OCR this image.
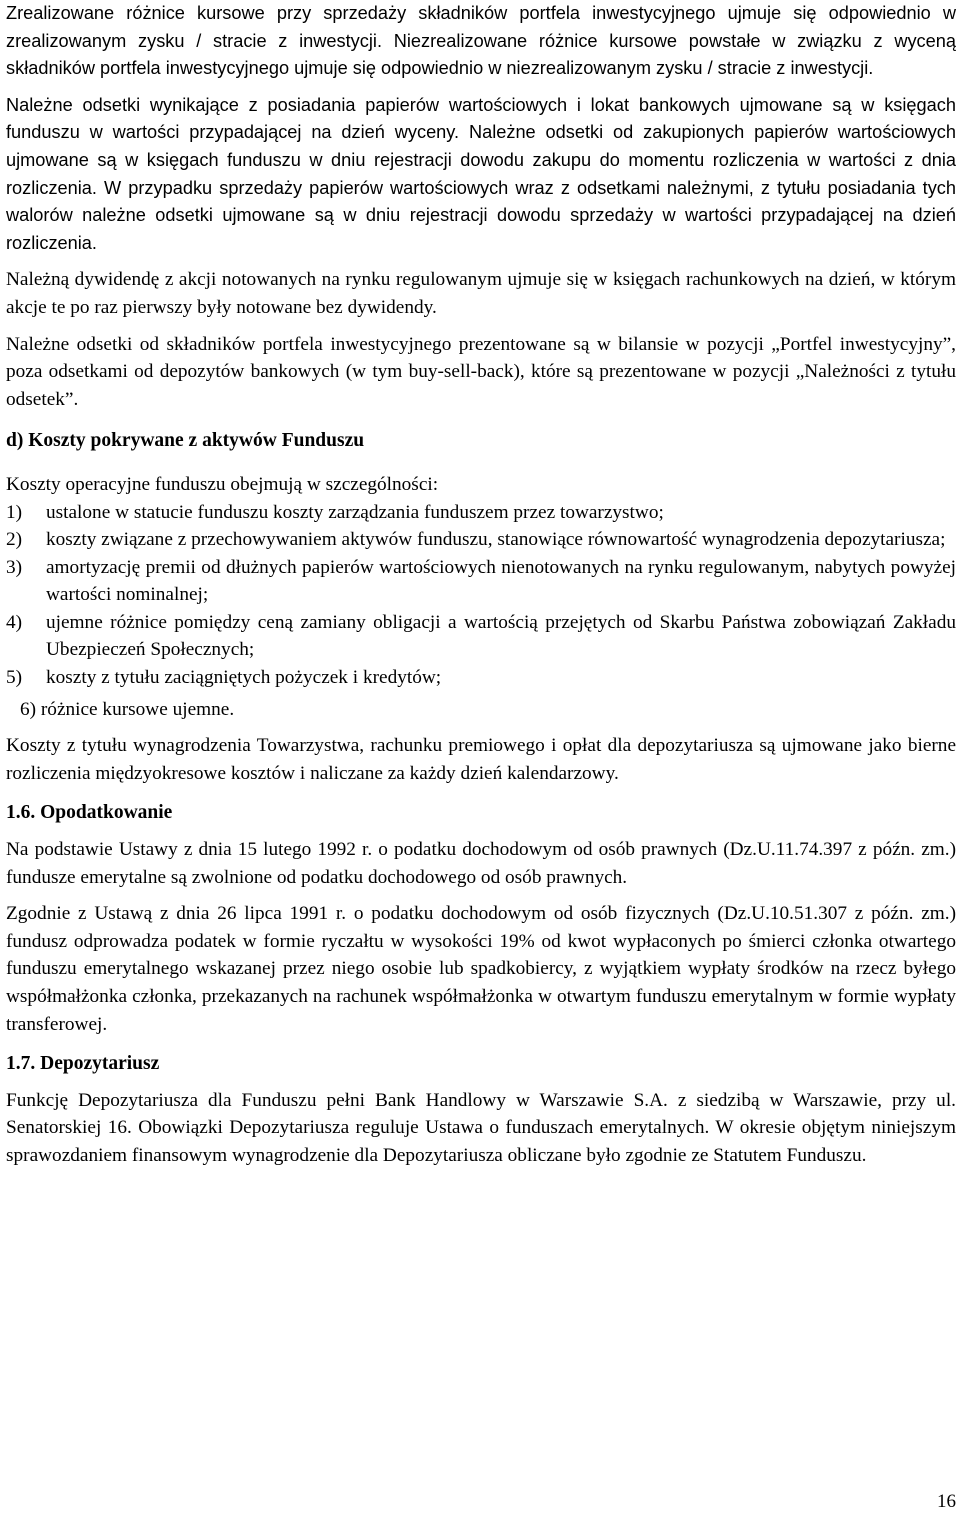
Zrealizowane różnice kursowe przy sprzedaży składników portfela inwestycyjnego ujmuje się odpowiednio w zrealizowanym zysku / stracie z inwestycji. Niezrealizowane różnice kursowe powstałe w związku z wyceną składników portfela inwestycyjnego ujmuje się odpowiednio w niezrealizowanym zysku / stracie z inwestycji.

Należne odsetki wynikające z posiadania papierów wartościowych i lokat bankowych ujmowane są w księgach funduszu w wartości przypadającej na dzień wyceny. Należne odsetki od zakupionych papierów wartościowych ujmowane są w księgach funduszu w dniu rejestracji dowodu zakupu do momentu rozliczenia w wartości z dnia rozliczenia. W przypadku sprzedaży papierów wartościowych wraz z odsetkami należnymi, z tytułu posiadania tych walorów należne odsetki ujmowane są w dniu rejestracji dowodu sprzedaży w wartości przypadającej na dzień rozliczenia.

Należną dywidendę z akcji notowanych na rynku regulowanym ujmuje się w księgach rachunkowych na dzień, w którym akcje te po raz pierwszy były notowane bez dywidendy.

Należne odsetki od składników portfela inwestycyjnego prezentowane są w bilansie w pozycji „Portfel inwestycyjny”, poza odsetkami od depozytów bankowych (w tym buy-sell-back), które są prezentowane w pozycji „Należności z tytułu odsetek”.

d) Koszty pokrywane z aktywów Funduszu

Koszty operacyjne funduszu obejmują w szczególności:

1)	ustalone w statucie funduszu koszty zarządzania funduszem przez towarzystwo;
2)	koszty związane z przechowywaniem aktywów funduszu, stanowiące równowartość wynagrodzenia depozytariusza;
3)	amortyzację premii od dłużnych papierów wartościowych nienotowanych na rynku regulowanym, nabytych powyżej wartości nominalnej;
4)	ujemne różnice pomiędzy ceną zamiany obligacji a wartością przejętych od Skarbu Państwa zobowiązań Zakładu Ubezpieczeń Społecznych;
5)	koszty z tytułu zaciągniętych pożyczek i kredytów;

6) różnice kursowe ujemne.

Koszty z tytułu wynagrodzenia Towarzystwa, rachunku premiowego i opłat dla depozytariusza są ujmowane jako bierne rozliczenia międzyokresowe kosztów i naliczane za każdy dzień kalendarzowy.

1.6. Opodatkowanie

Na podstawie Ustawy z dnia 15 lutego 1992 r. o podatku dochodowym od osób prawnych (Dz.U.11.74.397 z późn. zm.) fundusze emerytalne są zwolnione od podatku dochodowego od osób prawnych.

Zgodnie z Ustawą z dnia 26 lipca 1991 r. o podatku dochodowym od osób fizycznych (Dz.U.10.51.307 z późn. zm.) fundusz odprowadza podatek w formie ryczałtu w wysokości 19% od kwot wypłaconych po śmierci członka otwartego funduszu emerytalnego wskazanej przez niego osobie lub spadkobiercy, z wyjątkiem wypłaty środków na rzecz byłego współmałżonka członka, przekazanych na rachunek współmałżonka w otwartym funduszu emerytalnym w formie wypłaty transferowej.

1.7. Depozytariusz

Funkcję Depozytariusza dla Funduszu pełni Bank Handlowy w Warszawie S.A. z siedzibą w Warszawie, przy ul. Senatorskiej 16. Obowiązki Depozytariusza reguluje Ustawa o funduszach emerytalnych. W okresie objętym niniejszym sprawozdaniem finansowym wynagrodzenie dla Depozytariusza obliczane było zgodnie ze Statutem Funduszu.

16
